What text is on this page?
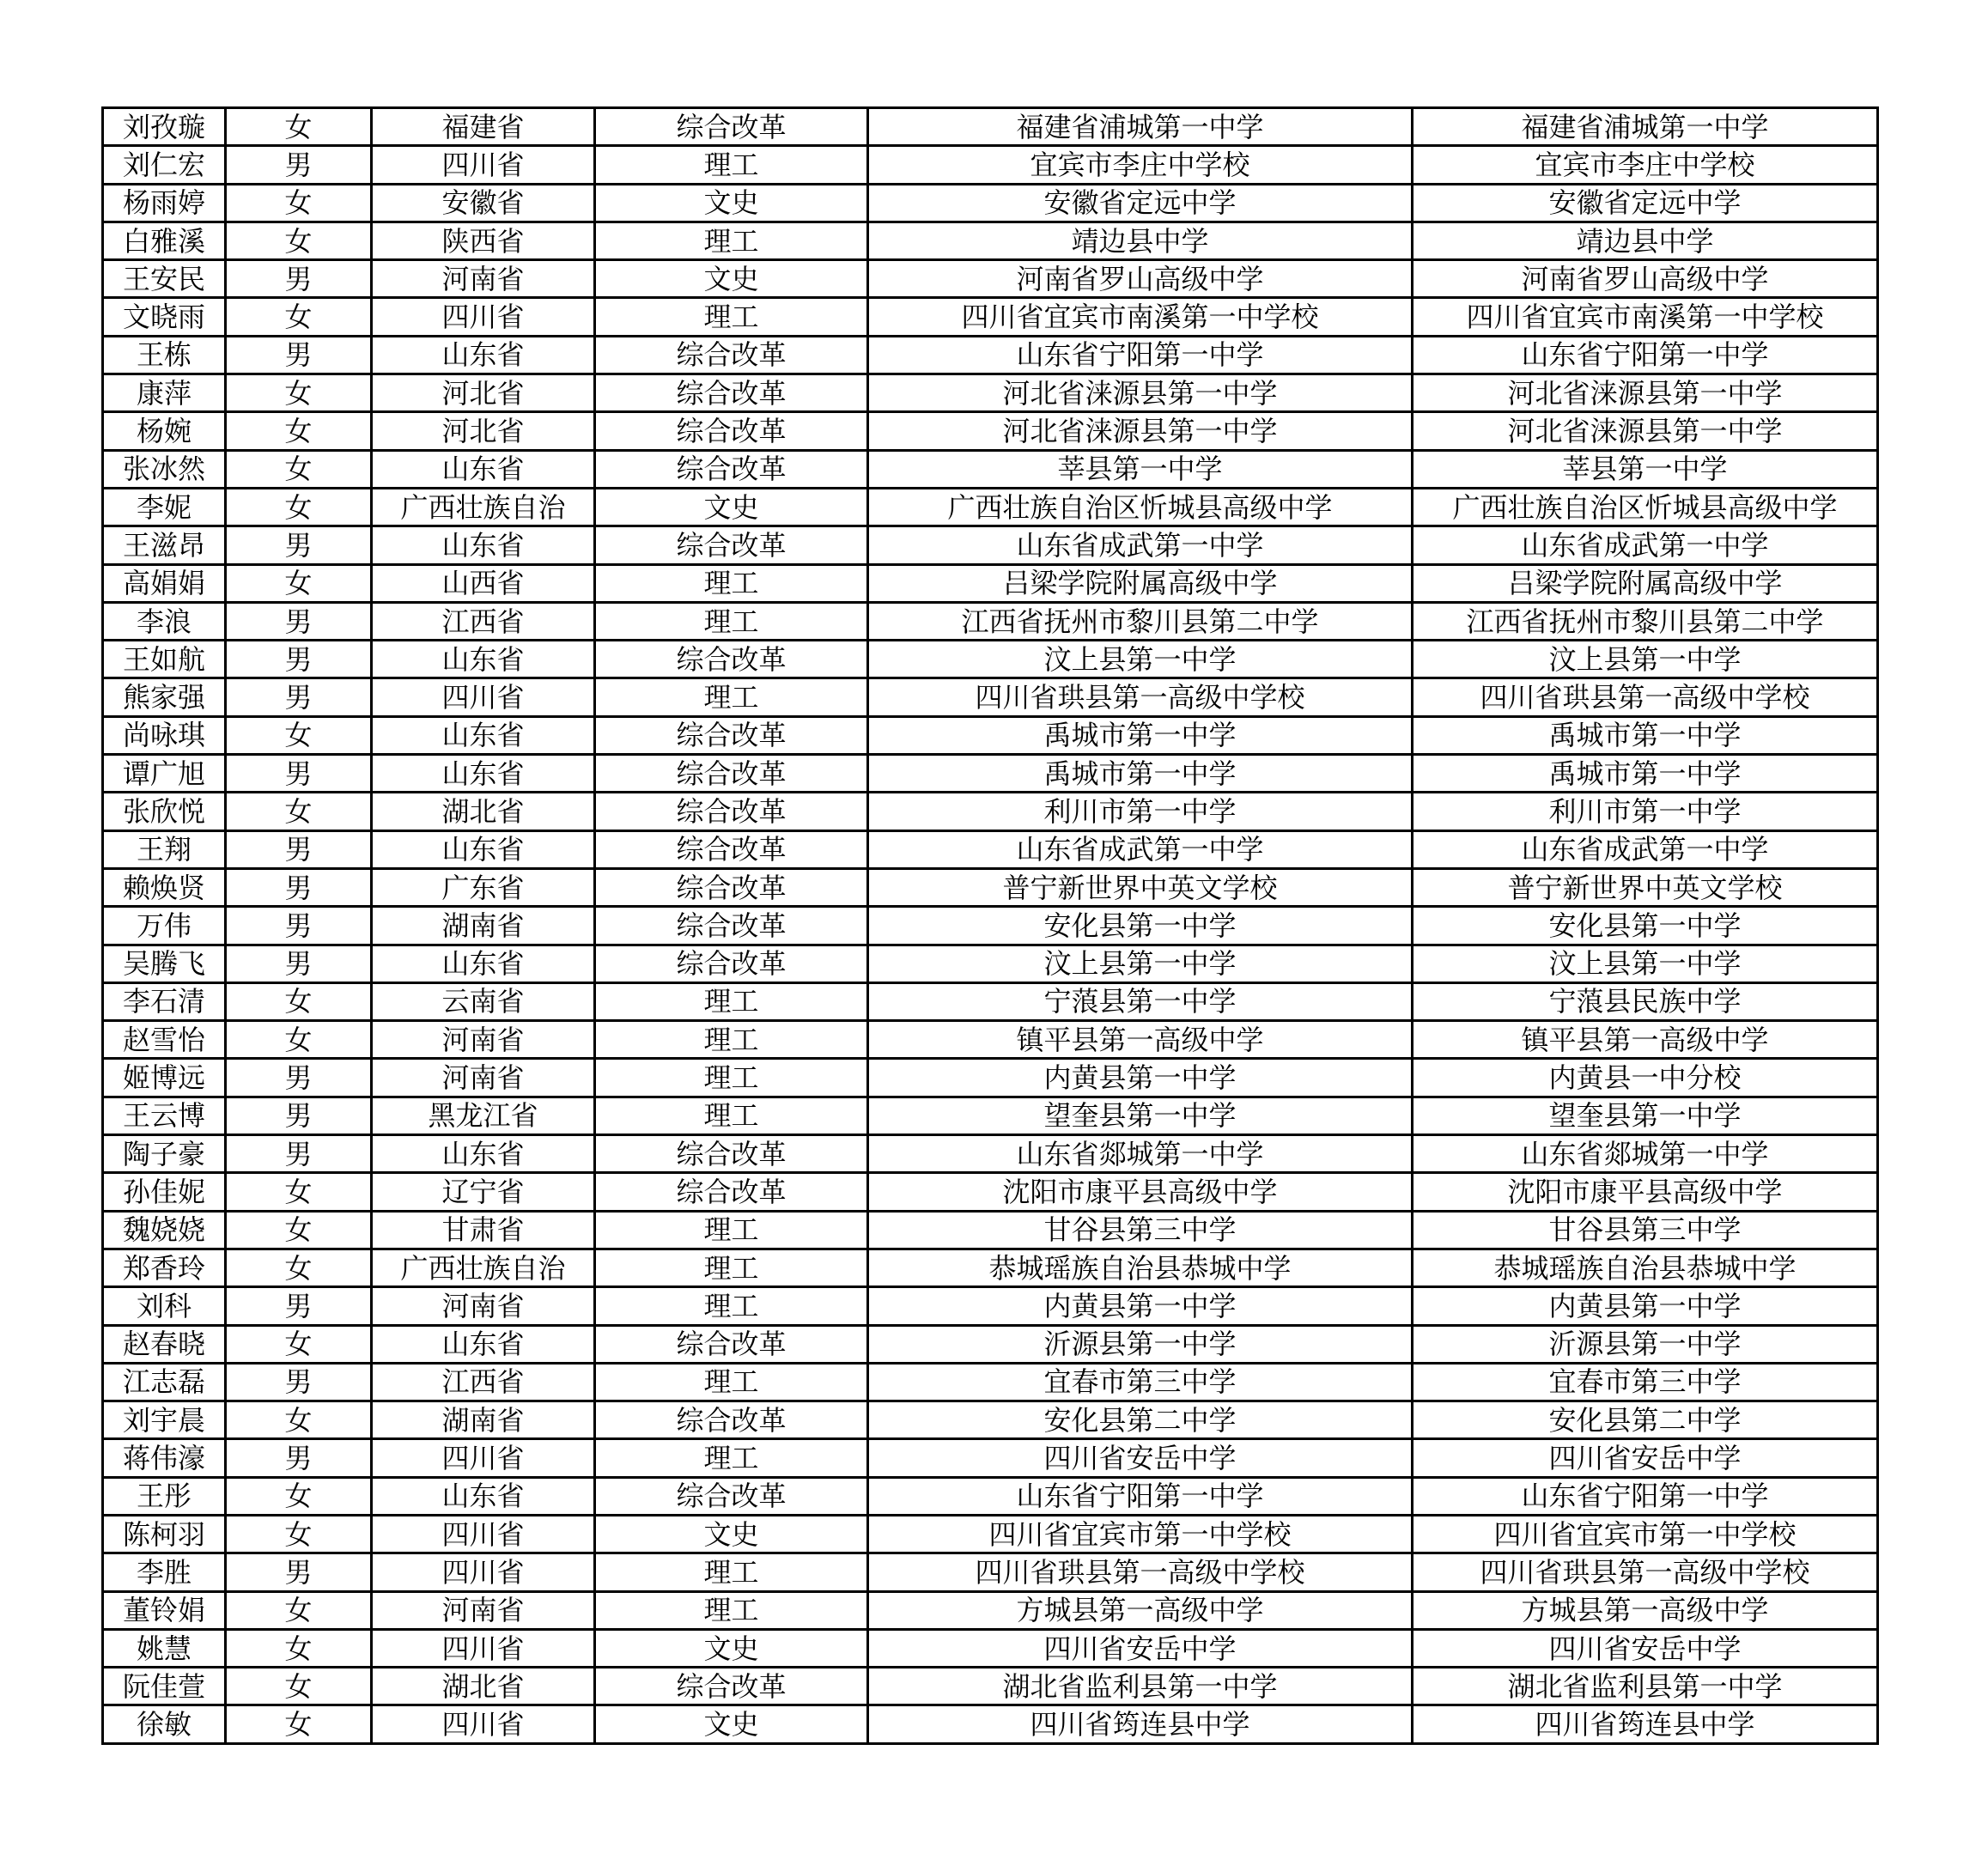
刘孜璇	女	福建省	综合改革	福建省浦城第一中学	福建省浦城第一中学
刘仁宏	男	四川省	理工	宜宾市李庄中学校	宜宾市李庄中学校
杨雨婷	女	安徽省	文史	安徽省定远中学	安徽省定远中学
白雅溪	女	陕西省	理工	靖边县中学	靖边县中学
王安民	男	河南省	文史	河南省罗山高级中学	河南省罗山高级中学
文晓雨	女	四川省	理工	四川省宜宾市南溪第一中学校	四川省宜宾市南溪第一中学校
王栋	男	山东省	综合改革	山东省宁阳第一中学	山东省宁阳第一中学
康萍	女	河北省	综合改革	河北省涞源县第一中学	河北省涞源县第一中学
杨婉	女	河北省	综合改革	河北省涞源县第一中学	河北省涞源县第一中学
张冰然	女	山东省	综合改革	莘县第一中学	莘县第一中学
李妮	女	广西壮族自治	文史	广西壮族自治区忻城县高级中学	广西壮族自治区忻城县高级中学
王滋昂	男	山东省	综合改革	山东省成武第一中学	山东省成武第一中学
高娟娟	女	山西省	理工	吕梁学院附属高级中学	吕梁学院附属高级中学
李浪	男	江西省	理工	江西省抚州市黎川县第二中学	江西省抚州市黎川县第二中学
王如航	男	山东省	综合改革	汶上县第一中学	汶上县第一中学
熊家强	男	四川省	理工	四川省珙县第一高级中学校	四川省珙县第一高级中学校
尚咏琪	女	山东省	综合改革	禹城市第一中学	禹城市第一中学
谭广旭	男	山东省	综合改革	禹城市第一中学	禹城市第一中学
张欣悦	女	湖北省	综合改革	利川市第一中学	利川市第一中学
王翔	男	山东省	综合改革	山东省成武第一中学	山东省成武第一中学
赖焕贤	男	广东省	综合改革	普宁新世界中英文学校	普宁新世界中英文学校
万伟	男	湖南省	综合改革	安化县第一中学	安化县第一中学
吴腾飞	男	山东省	综合改革	汶上县第一中学	汶上县第一中学
李石清	女	云南省	理工	宁蒗县第一中学	宁蒗县民族中学
赵雪怡	女	河南省	理工	镇平县第一高级中学	镇平县第一高级中学
姬博远	男	河南省	理工	内黄县第一中学	内黄县一中分校
王云博	男	黑龙江省	理工	望奎县第一中学	望奎县第一中学
陶子豪	男	山东省	综合改革	山东省郯城第一中学	山东省郯城第一中学
孙佳妮	女	辽宁省	综合改革	沈阳市康平县高级中学	沈阳市康平县高级中学
魏娆娆	女	甘肃省	理工	甘谷县第三中学	甘谷县第三中学
郑香玲	女	广西壮族自治	理工	恭城瑶族自治县恭城中学	恭城瑶族自治县恭城中学
刘科	男	河南省	理工	内黄县第一中学	内黄县第一中学
赵春晓	女	山东省	综合改革	沂源县第一中学	沂源县第一中学
江志磊	男	江西省	理工	宜春市第三中学	宜春市第三中学
刘宇晨	女	湖南省	综合改革	安化县第二中学	安化县第二中学
蒋伟濠	男	四川省	理工	四川省安岳中学	四川省安岳中学
王彤	女	山东省	综合改革	山东省宁阳第一中学	山东省宁阳第一中学
陈柯羽	女	四川省	文史	四川省宜宾市第一中学校	四川省宜宾市第一中学校
李胜	男	四川省	理工	四川省珙县第一高级中学校	四川省珙县第一高级中学校
董铃娟	女	河南省	理工	方城县第一高级中学	方城县第一高级中学
姚慧	女	四川省	文史	四川省安岳中学	四川省安岳中学
阮佳萱	女	湖北省	综合改革	湖北省监利县第一中学	湖北省监利县第一中学
徐敏	女	四川省	文史	四川省筠连县中学	四川省筠连县中学
